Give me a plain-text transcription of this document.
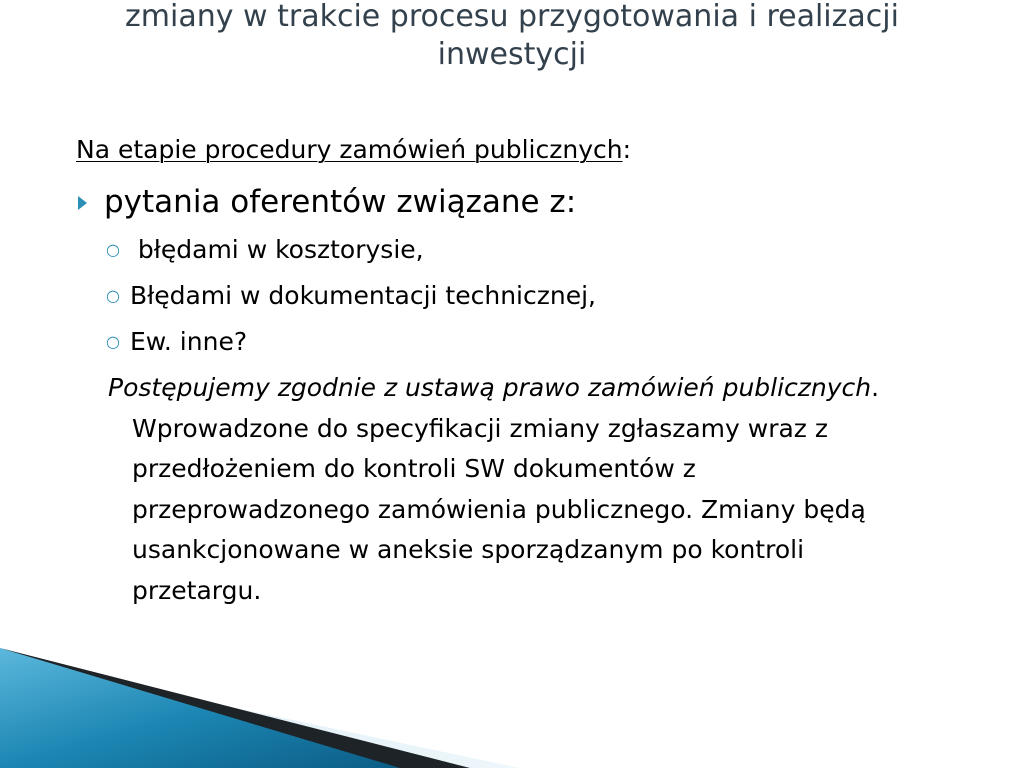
zmiany w trakcie procesu przygotowania i realizacji
inwestycji

Na etapie procedury zamówień publicznych:

pytania oferentów związane z:

○ błędami w kosztorysie,

○ Błędami w dokumentacji technicznej,

○ Ew. inne?

Postępujemy zgodnie z ustawą prawo zamówień publicznych. Wprowadzone do specyfikacji zmiany zgłaszamy wraz z przedłożeniem do kontroli SW dokumentów z przeprowadzonego zamówienia publicznego. Zmiany będą usankcjonowane w aneksie sporządzanym po kontroli przetargu.
